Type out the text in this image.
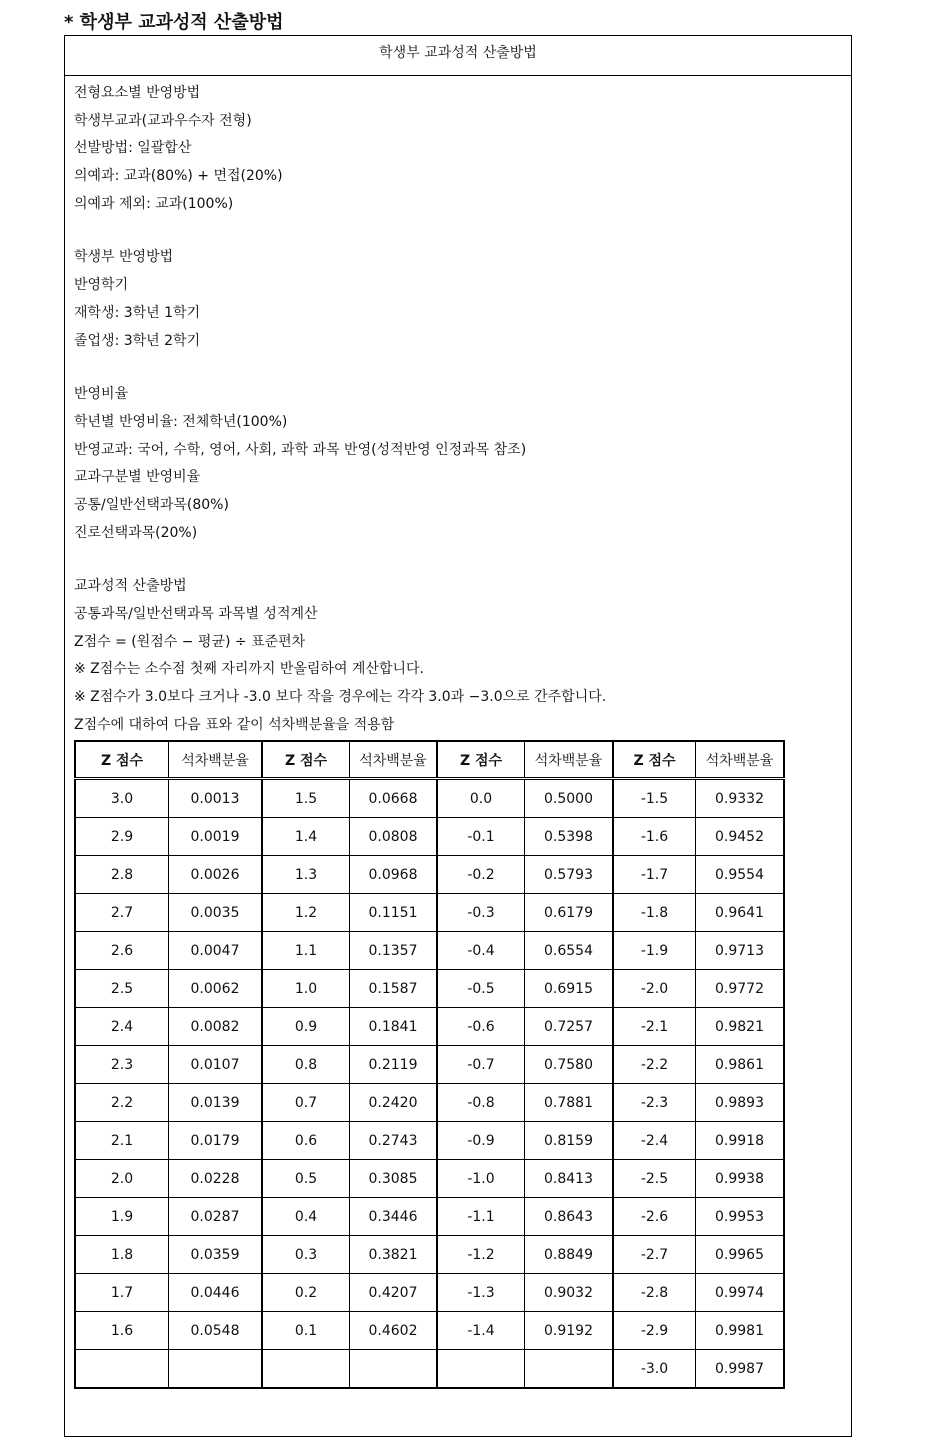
* 학생부 교과성적 산출방법
학생부 교과성적 산출방법
전형요소별 반영방법
학생부교과(교과우수자 전형)
선발방법: 일괄합산
의예과: 교과(80%) + 면접(20%)
의예과 제외: 교과(100%)
학생부 반영방법
반영학기
재학생: 3학년 1학기
졸업생: 3학년 2학기
반영비율
학년별 반영비율: 전체학년(100%)
반영교과: 국어, 수학, 영어, 사회, 과학 과목 반영(성적반영 인정과목 참조)
교과구분별 반영비율
공통/일반선택과목(80%)
진로선택과목(20%)
교과성적 산출방법
공통과목/일반선택과목 과목별 성적계산
Z점수 = (원점수 − 평균) ÷ 표준편차
※ Z점수는 소수점 첫째 자리까지 반올림하여 계산합니다.
※ Z점수가 3.0보다 크거나 -3.0 보다 작을 경우에는 각각 3.0과 −3.0으로 간주합니다.
Z점수에 대하여 다음 표와 같이 석차백분율을 적용함
Z 점수	석차백분율	Z 점수	석차백분율	Z 점수	석차백분율	Z 점수	석차백분율
3.0	0.0013	1.5	0.0668	0.0	0.5000	-1.5	0.9332
2.9	0.0019	1.4	0.0808	-0.1	0.5398	-1.6	0.9452
2.8	0.0026	1.3	0.0968	-0.2	0.5793	-1.7	0.9554
2.7	0.0035	1.2	0.1151	-0.3	0.6179	-1.8	0.9641
2.6	0.0047	1.1	0.1357	-0.4	0.6554	-1.9	0.9713
2.5	0.0062	1.0	0.1587	-0.5	0.6915	-2.0	0.9772
2.4	0.0082	0.9	0.1841	-0.6	0.7257	-2.1	0.9821
2.3	0.0107	0.8	0.2119	-0.7	0.7580	-2.2	0.9861
2.2	0.0139	0.7	0.2420	-0.8	0.7881	-2.3	0.9893
2.1	0.0179	0.6	0.2743	-0.9	0.8159	-2.4	0.9918
2.0	0.0228	0.5	0.3085	-1.0	0.8413	-2.5	0.9938
1.9	0.0287	0.4	0.3446	-1.1	0.8643	-2.6	0.9953
1.8	0.0359	0.3	0.3821	-1.2	0.8849	-2.7	0.9965
1.7	0.0446	0.2	0.4207	-1.3	0.9032	-2.8	0.9974
1.6	0.0548	0.1	0.4602	-1.4	0.9192	-2.9	0.9981
						-3.0	0.9987
